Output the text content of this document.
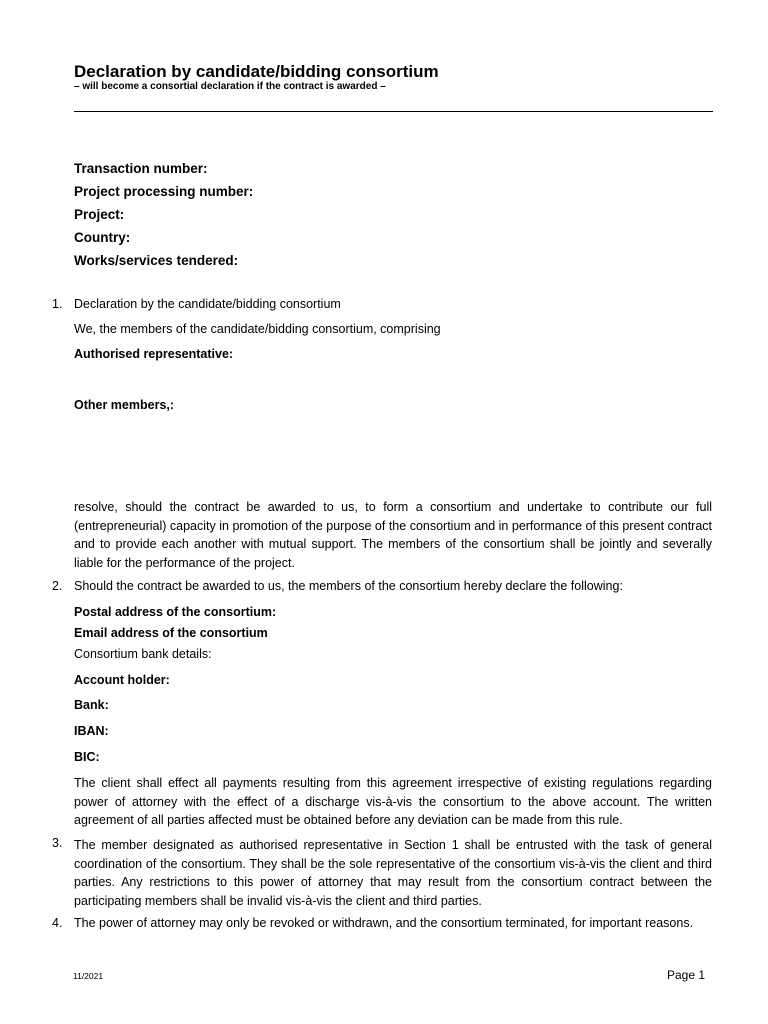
Declaration by candidate/bidding consortium
– will become a consortial declaration if the contract is awarded –
Transaction number:
Project processing number:
Project:
Country:
Works/services tendered:
1. Declaration by the candidate/bidding consortium
We, the members of the candidate/bidding consortium, comprising
Authorised representative:
Other members,:
resolve, should the contract be awarded to us, to form a consortium and undertake to contribute our full (entrepreneurial) capacity in promotion of the purpose of the consortium and in performance of this present contract and to provide each another with mutual support. The members of the consortium shall be jointly and severally liable for the performance of the project.
2. Should the contract be awarded to us, the members of the consortium hereby declare the following:
Postal address of the consortium:
Email address of the consortium
Consortium bank details:
Account holder:
Bank:
IBAN:
BIC:
The client shall effect all payments resulting from this agreement irrespective of existing regulations regarding power of attorney with the effect of a discharge vis-à-vis the consortium to the above account. The written agreement of all parties affected must be obtained before any deviation can be made from this rule.
3. The member designated as authorised representative in Section 1 shall be entrusted with the task of general coordination of the consortium. They shall be the sole representative of the consortium vis-à-vis the client and third parties. Any restrictions to this power of attorney that may result from the consortium contract between the participating members shall be invalid vis-à-vis the client and third parties.
4. The power of attorney may only be revoked or withdrawn, and the consortium terminated, for important reasons.
11/2021	Page 1
